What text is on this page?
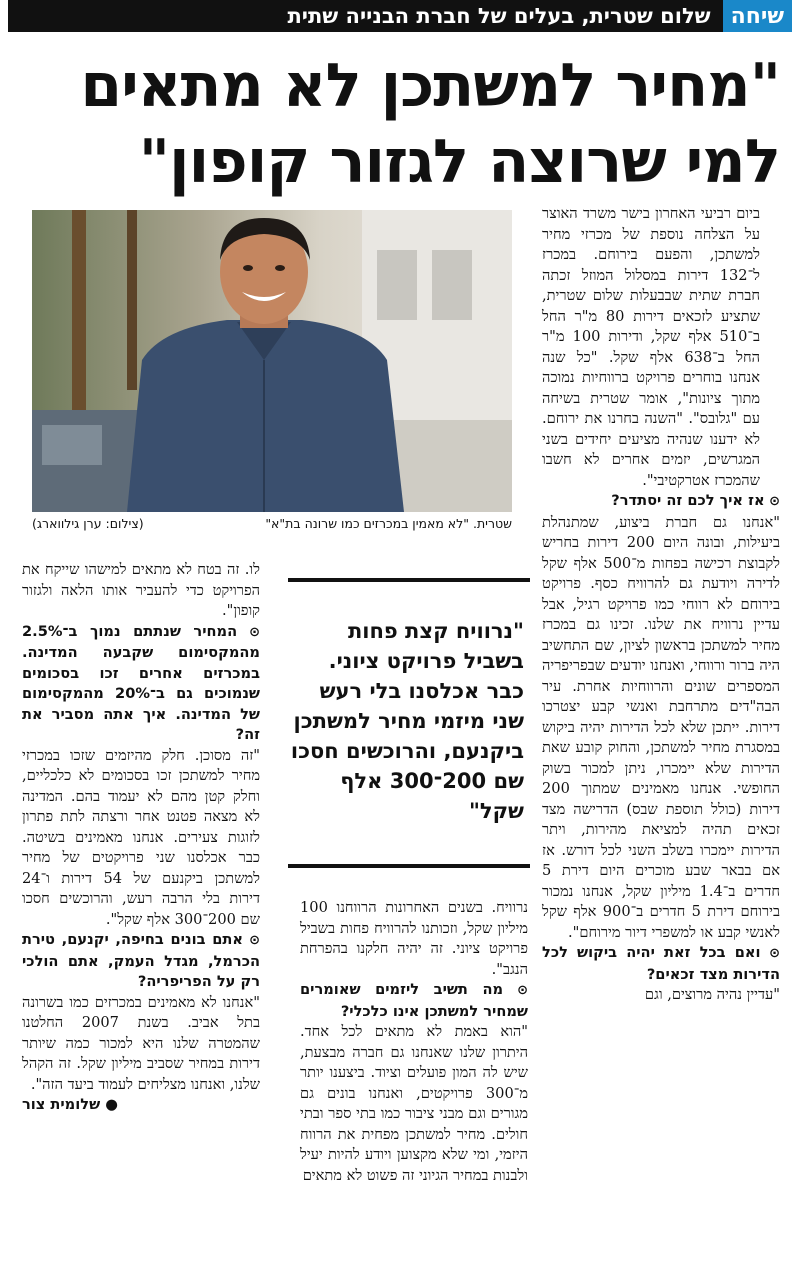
שיחה
שלום שטרית, בעלים של חברת הבנייה שתית
"מחיר למשתכן לא מתאים
למי שרוצה לגזור קופון"
שטרית. "לא מאמין במכרזים כמו שרונה בת"א"
(צילום: ערן גילווארג)

ביום רביעי האחרון בישר משרד האוצר על הצלחה נוספת של מכרזי מחיר למשתכן, והפעם בירוחם. במכרז ל־132 דירות במסלול המוזל זכתה חברת שתית שבבעלות שלום שטרית, שתציע לזכאים דירות 80 מ"ר החל ב־510 אלף שקל, ודירות 100 מ"ר החל ב־638 אלף שקל. "כל שנה אנחנו בוחרים פרויקט ברווחיות נמוכה מתוך ציונות", אומר שטרית בשיחה עם "גלובס". "השנה בחרנו את ירוחם. לא ידענו שנהיה מציעים יחידים בשני המגרשים, יזמים אחרים לא חשבו שהמכרז אטרקטיבי".

⊙ אז איך לכם זה יסתדר?

"אנחנו גם חברת ביצוע, שמתנהלת ביעילות, ובונה היום 200 דירות בחריש לקבוצת רכישה בפחות מ־500 אלף שקל לדירה ויודעת גם להרוויח כסף. פרויקט בירוחם לא רווחי כמו פרויקט רגיל, אבל עדיין נרוויח את שלנו. זכינו גם במכרז מחיר למשתכן בראשון לציון, שם התחשיב היה ברור ורווחי, ואנחנו יודעים שבפריפריה המספרים שונים והרווחיות אחרת. עיר הבה"דים מתרחבת ואנשי קבע יצטרכו דירות. ייתכן שלא לכל הדירות יהיה ביקוש במסגרת מחיר למשתכן, והחוק קובע שאת הדירות שלא יימכרו, ניתן למכור בשוק החופשי. אנחנו מאמינים שמתוך 200 דירות (כולל תוספת שבס) הדרישה מצד זכאים תהיה למציאת מהירות, ויתר הדירות יימכרו בשלב השני לכל דורש. אז אם בבאר שבע מוכרים היום דירת 5 חדרים ב־1.4 מיליון שקל, אנחנו נמכור בירוחם דירת 5 חדרים ב־900 אלף שקל לאנשי קבע או למשפרי דיור מירוחם".

⊙ ואם בכל זאת יהיה ביקוש לכל הדירות מצד זכאים?

"עדיין נהיה מרוצים, וגם

"נרוויח קצת פחות בשביל פרויקט ציוני. כבר אכלסנו בלי רעש שני מיזמי מחיר למשתכן ביקנעם, והרוכשים חסכו שם 200־300 אלף שקל"

נרוויח. בשנים האחרונות הרווחנו 100 מיליון שקל, וזכותנו להרוויח פחות בשביל פרויקט ציוני. זה יהיה חלקנו בהפרחת הנגב".

⊙ מה תשיב ליזמים שאומרים שמחיר למשתכן אינו כלכלי?

"הוא באמת לא מתאים לכל אחד. היתרון שלנו שאנחנו גם חברה מבצעת, שיש לה המון פועלים וציוד. ביצענו יותר מ־300 פרויקטים, ואנחנו בונים גם מגורים וגם מבני ציבור כמו בתי ספר ובתי חולים. מחיר למשתכן מפחית את הרווח היזמי, ומי שלא מקצוען ויודע להיות יעיל ולבנות במחיר הגיוני זה פשוט לא מתאים

לו. זה בטח לא מתאים למישהו שייקח את הפרויקט כדי להעביר אותו הלאה ולגזור קופון".

⊙ המחיר שנתתם נמוך ב־2.5% מהמקסימום שקבעה המדינה. במכרזים אחרים זכו בסכומים שנמוכים גם ב־20% מהמקסימום של המדינה. איך אתה מסביר את זה?

"זה מסוכן. חלק מהיזמים שזכו במכרזי מחיר למשתכן זכו בסכומים לא כלכליים, וחלק קטן מהם לא יעמוד בהם. המדינה לא מצאה פטנט אחר ורצתה לתת פתרון לזוגות צעירים. אנחנו מאמינים בשיטה. כבר אכלסנו שני פרויקטים של מחיר למשתכן ביקנעם של 54 דירות ו־24 דירות בלי הרבה רעש, והרוכשים חסכו שם 200־300 אלף שקל".

⊙ אתם בונים בחיפה, יקנעם, טירת הכרמל, מגדל העמק, אתם הולכי רק על הפריפריה?

"אנחנו לא מאמינים במכרזים כמו בשרונה בתל אביב. בשנת 2007 החלטנו שהמטרה שלנו היא למכור כמה שיותר דירות במחיר שסביב מיליון שקל. זה הקהל שלנו, ואנחנו מצליחים לעמוד ביעד הזה".

● שלומית צור
